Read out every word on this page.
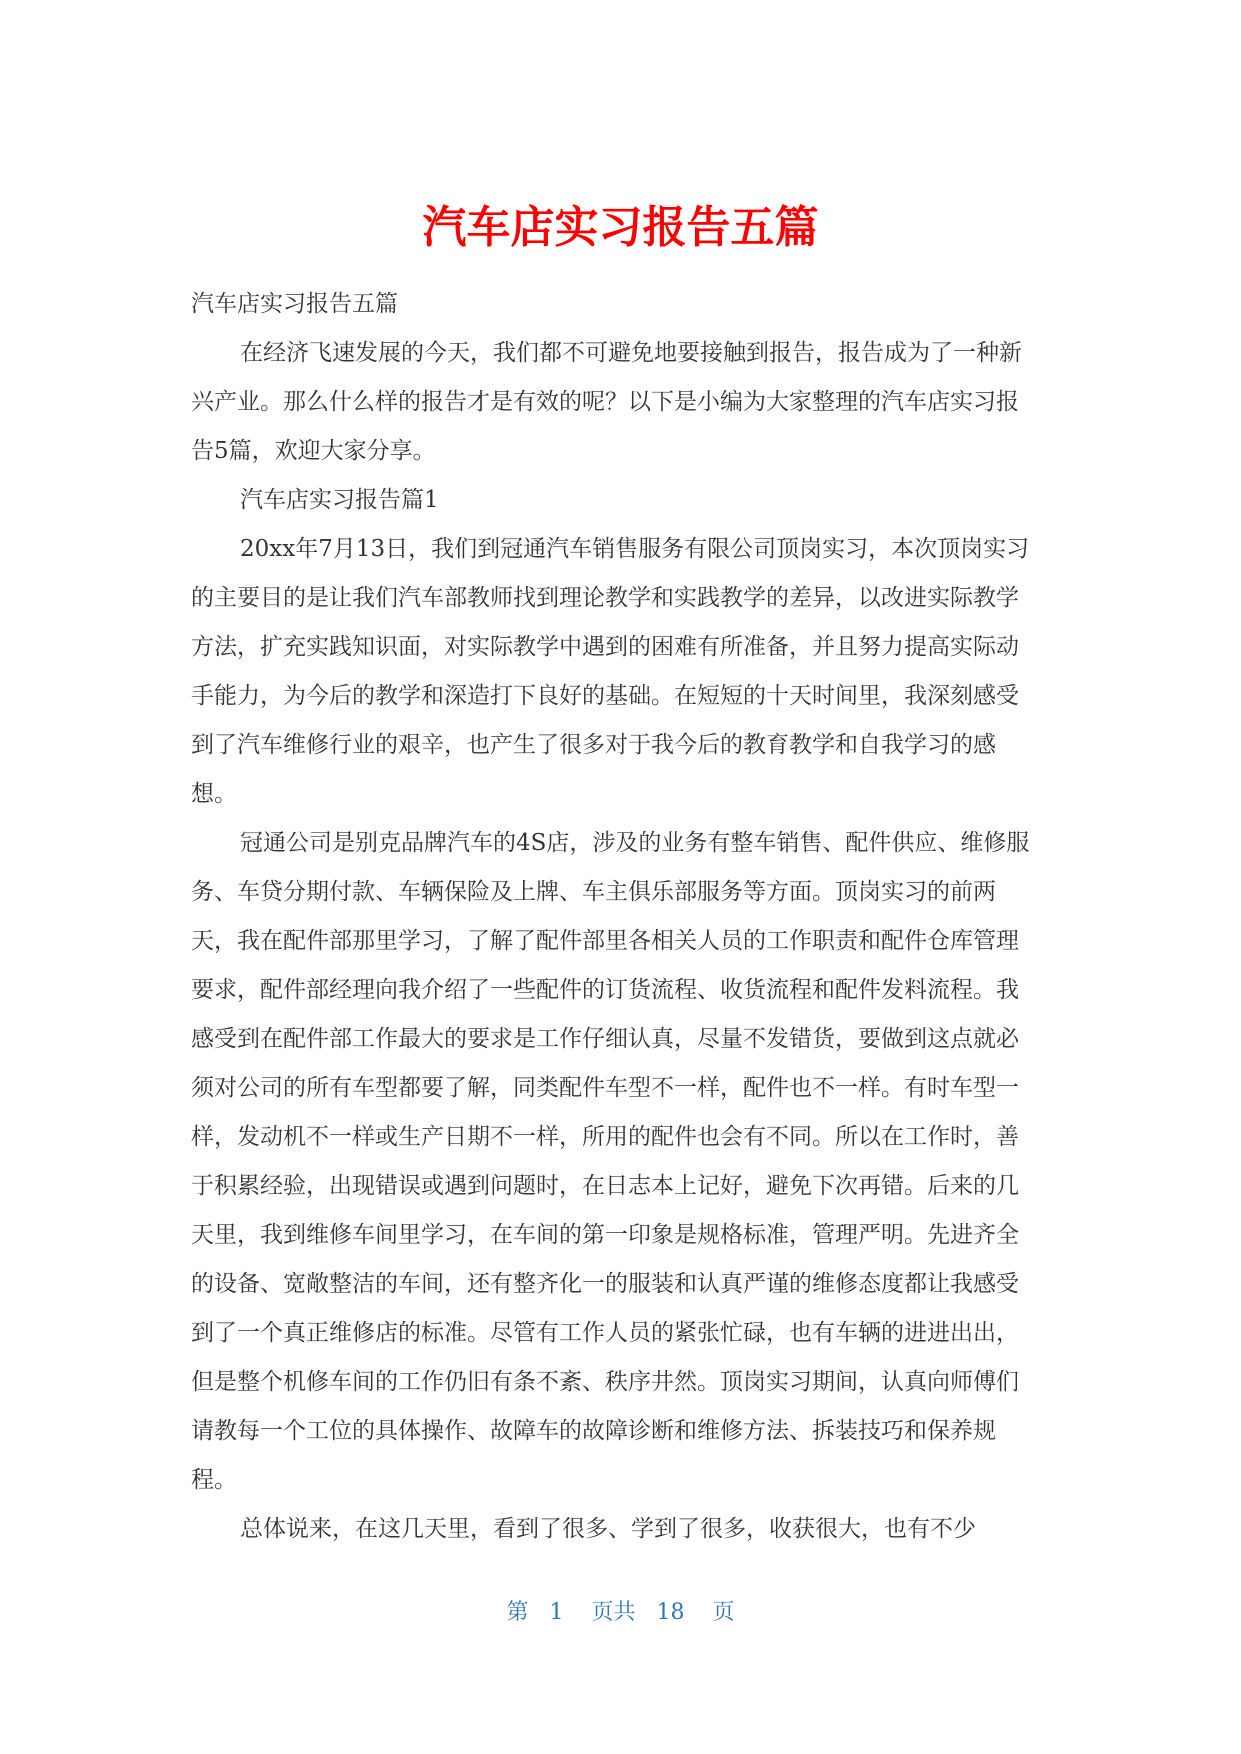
汽车店实习报告五篇

汽车店实习报告五篇

在经济飞速发展的今天，我们都不可避免地要接触到报告，报告成为了一种新兴产业。那么什么样的报告才是有效的呢？以下是小编为大家整理的汽车店实习报告5篇，欢迎大家分享。

汽车店实习报告篇1

20xx年7月13日，我们到冠通汽车销售服务有限公司顶岗实习，本次顶岗实习的主要目的是让我们汽车部教师找到理论教学和实践教学的差异，以改进实际教学方法，扩充实践知识面，对实际教学中遇到的困难有所准备，并且努力提高实际动手能力，为今后的教学和深造打下良好的基础。在短短的十天时间里，我深刻感受到了汽车维修行业的艰辛，也产生了很多对于我今后的教育教学和自我学习的感想。

冠通公司是别克品牌汽车的4S店，涉及的业务有整车销售、配件供应、维修服务、车贷分期付款、车辆保险及上牌、车主俱乐部服务等方面。顶岗实习的前两天，我在配件部那里学习，了解了配件部里各相关人员的工作职责和配件仓库管理要求，配件部经理向我介绍了一些配件的订货流程、收货流程和配件发料流程。我感受到在配件部工作最大的要求是工作仔细认真，尽量不发错货，要做到这点就必须对公司的所有车型都要了解，同类配件车型不一样，配件也不一样。有时车型一样，发动机不一样或生产日期不一样，所用的配件也会有不同。所以在工作时，善于积累经验，出现错误或遇到问题时，在日志本上记好，避免下次再错。后来的几天里，我到维修车间里学习，在车间的第一印象是规格标准，管理严明。先进齐全的设备、宽敞整洁的车间，还有整齐化一的服装和认真严谨的维修态度都让我感受到了一个真正维修店的标准。尽管有工作人员的紧张忙碌，也有车辆的进进出出，但是整个机修车间的工作仍旧有条不紊、秩序井然。顶岗实习期间，认真向师傅们请教每一个工位的具体操作、故障车的故障诊断和维修方法、拆装技巧和保养规程。

总体说来，在这几天里，看到了很多、学到了很多，收获很大，也有不少

第 1 页共 18 页
